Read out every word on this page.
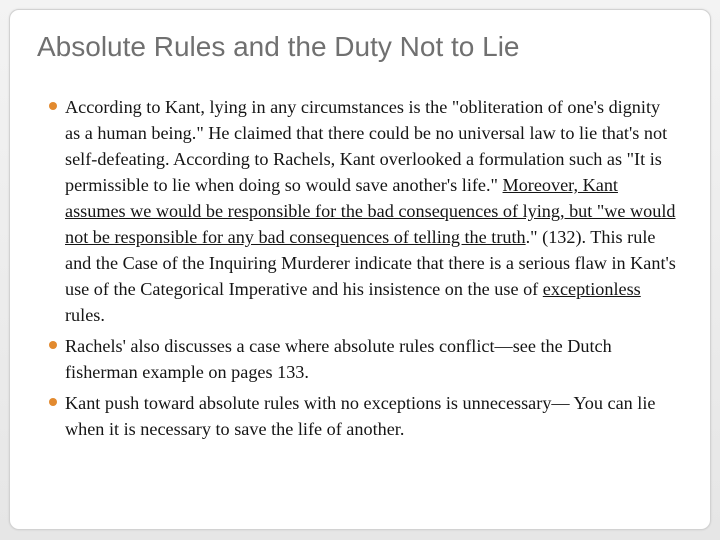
Absolute Rules and the Duty Not to Lie
According to Kant, lying in any circumstances is the "obliteration of one's dignity as a human being." He claimed that there could be no universal law to lie that's not self-defeating. According to Rachels, Kant overlooked a formulation such as "It is permissible to lie when doing so would save another's life." Moreover, Kant assumes we would be responsible for the bad consequences of lying, but "we would not be responsible for any bad consequences of telling the truth." (132). This rule and the Case of the Inquiring Murderer indicate that there is a serious flaw in Kant's use of the Categorical Imperative and his insistence on the use of exceptionless rules.
Rachels' also discusses a case where absolute rules conflict—see the Dutch fisherman example on pages 133.
Kant push toward absolute rules with no exceptions is unnecessary— You can lie when it is necessary to save the life of another.
